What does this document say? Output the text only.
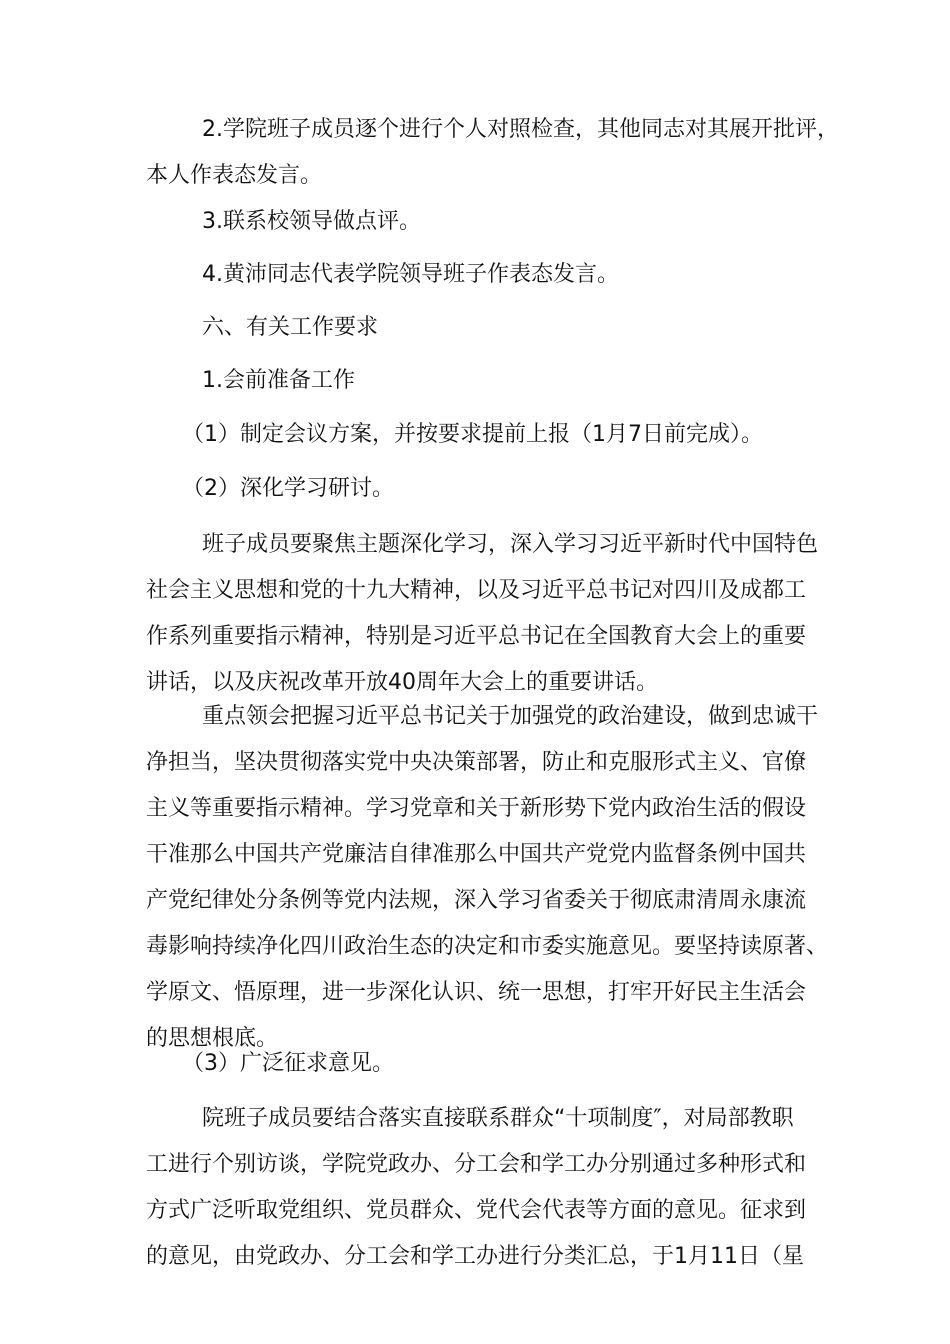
2.学院班子成员逐个进行个人对照检查，其他同志对其展开批评，
本人作表态发言。
3.联系校领导做点评。
4.黄沛同志代表学院领导班子作表态发言。
六、有关工作要求
1.会前准备工作
（1）制定会议方案，并按要求提前上报（1月7日前完成）。
（2）深化学习研讨。
班子成员要聚焦主题深化学习，深入学习习近平新时代中国特色
社会主义思想和党的十九大精神，以及习近平总书记对四川及成都工
作系列重要指示精神，特别是习近平总书记在全国教育大会上的重要
讲话，以及庆祝改革开放40周年大会上的重要讲话。
重点领会把握习近平总书记关于加强党的政治建设，做到忠诚干
净担当，坚决贯彻落实党中央决策部署，防止和克服形式主义、官僚
主义等重要指示精神。学习党章和关于新形势下党内政治生活的假设
干准那么中国共产党廉洁自律准那么中国共产党党内监督条例中国共
产党纪律处分条例等党内法规，深入学习省委关于彻底肃清周永康流
毒影响持续净化四川政治生态的决定和市委实施意见。要坚持读原著、
学原文、悟原理，进一步深化认识、统一思想，打牢开好民主生活会
的思想根底。
（3）广泛征求意见。
院班子成员要结合落实直接联系群众“十项制度″，对局部教职
工进行个别访谈，学院党政办、分工会和学工办分别通过多种形式和
方式广泛听取党组织、党员群众、党代会代表等方面的意见。征求到
的意见，由党政办、分工会和学工办进行分类汇总，于1月11日（星
